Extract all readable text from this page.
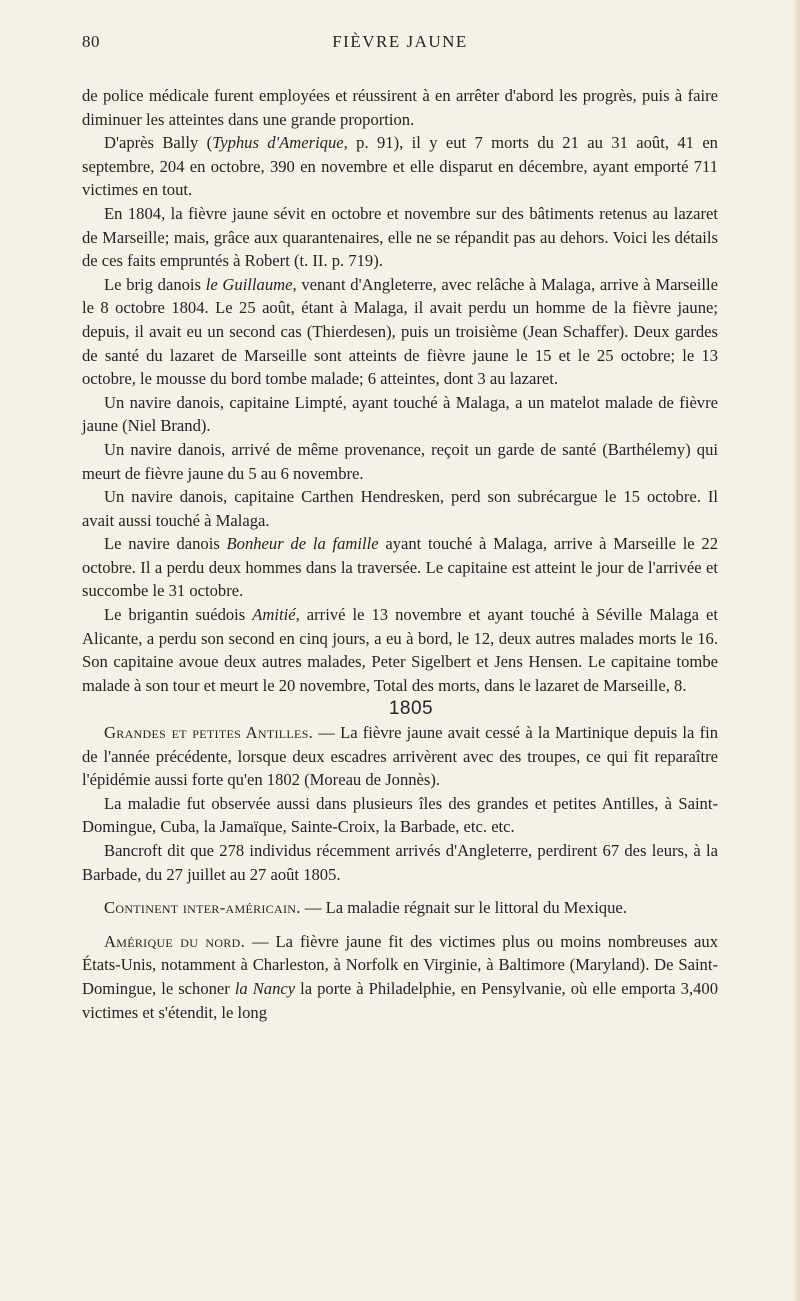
80	FIÈVRE JAUNE

de police médicale furent employées et réussirent à en arrêter d'abord les progrès, puis à faire diminuer les atteintes dans une grande proportion.

D'après Bally (Typhus d'Amerique, p. 91), il y eut 7 morts du 21 au 31 août, 41 en septembre, 204 en octobre, 390 en novembre et elle disparut en décembre, ayant emporté 711 victimes en tout.

En 1804, la fièvre jaune sévit en octobre et novembre sur des bâtiments retenus au lazaret de Marseille; mais, grâce aux quarantenaires, elle ne se répandit pas au dehors. Voici les détails de ces faits empruntés à Robert (t. II. p. 719).

Le brig danois le Guillaume, venant d'Angleterre, avec relâche à Malaga, arrive à Marseille le 8 octobre 1804. Le 25 août, étant à Malaga, il avait perdu un homme de la fièvre jaune; depuis, il avait eu un second cas (Thierdesen), puis un troisième (Jean Schaffer). Deux gardes de santé du lazaret de Marseille sont atteints de fièvre jaune le 15 et le 25 octobre; le 13 octobre, le mousse du bord tombe malade; 6 atteintes, dont 3 au lazaret.

Un navire danois, capitaine Limpté, ayant touché à Malaga, a un matelot malade de fièvre jaune (Niel Brand).

Un navire danois, arrivé de même provenance, reçoit un garde de santé (Barthélemy) qui meurt de fièvre jaune du 5 au 6 novembre.

Un navire danois, capitaine Carthen Hendresken, perd son subrécargue le 15 octobre. Il avait aussi touché à Malaga.

Le navire danois Bonheur de la famille ayant touché à Malaga, arrive à Marseille le 22 octobre. Il a perdu deux hommes dans la traversée. Le capitaine est atteint le jour de l'arrivée et succombe le 31 octobre.

Le brigantin suédois Amitié, arrivé le 13 novembre et ayant touché à Séville Malaga et Alicante, a perdu son second en cinq jours, a eu à bord, le 12, deux autres malades morts le 16. Son capitaine avoue deux autres malades, Peter Sigelbert et Jens Hensen. Le capitaine tombe malade à son tour et meurt le 20 novembre, Total des morts, dans le lazaret de Marseille, 8.

1805

Grandes et petites Antilles. — La fièvre jaune avait cessé à la Martinique depuis la fin de l'année précédente, lorsque deux escadres arrivèrent avec des troupes, ce qui fit reparaître l'épidémie aussi forte qu'en 1802 (Moreau de Jonnès).

La maladie fut observée aussi dans plusieurs îles des grandes et petites Antilles, à Saint-Domingue, Cuba, la Jamaïque, Sainte-Croix, la Barbade, etc. etc.

Bancroft dit que 278 individus récemment arrivés d'Angleterre, perdirent 67 des leurs, à la Barbade, du 27 juillet au 27 août 1805.

Continent inter-américain. — La maladie régnait sur le littoral du Mexique.

Amérique du nord. — La fièvre jaune fit des victimes plus ou moins nombreuses aux États-Unis, notamment à Charleston, à Norfolk en Virginie, à Baltimore (Maryland). De Saint-Domingue, le schoner la Nancy la porte à Philadelphie, en Pensylvanie, où elle emporta 3,400 victimes et s'étendit, le long
